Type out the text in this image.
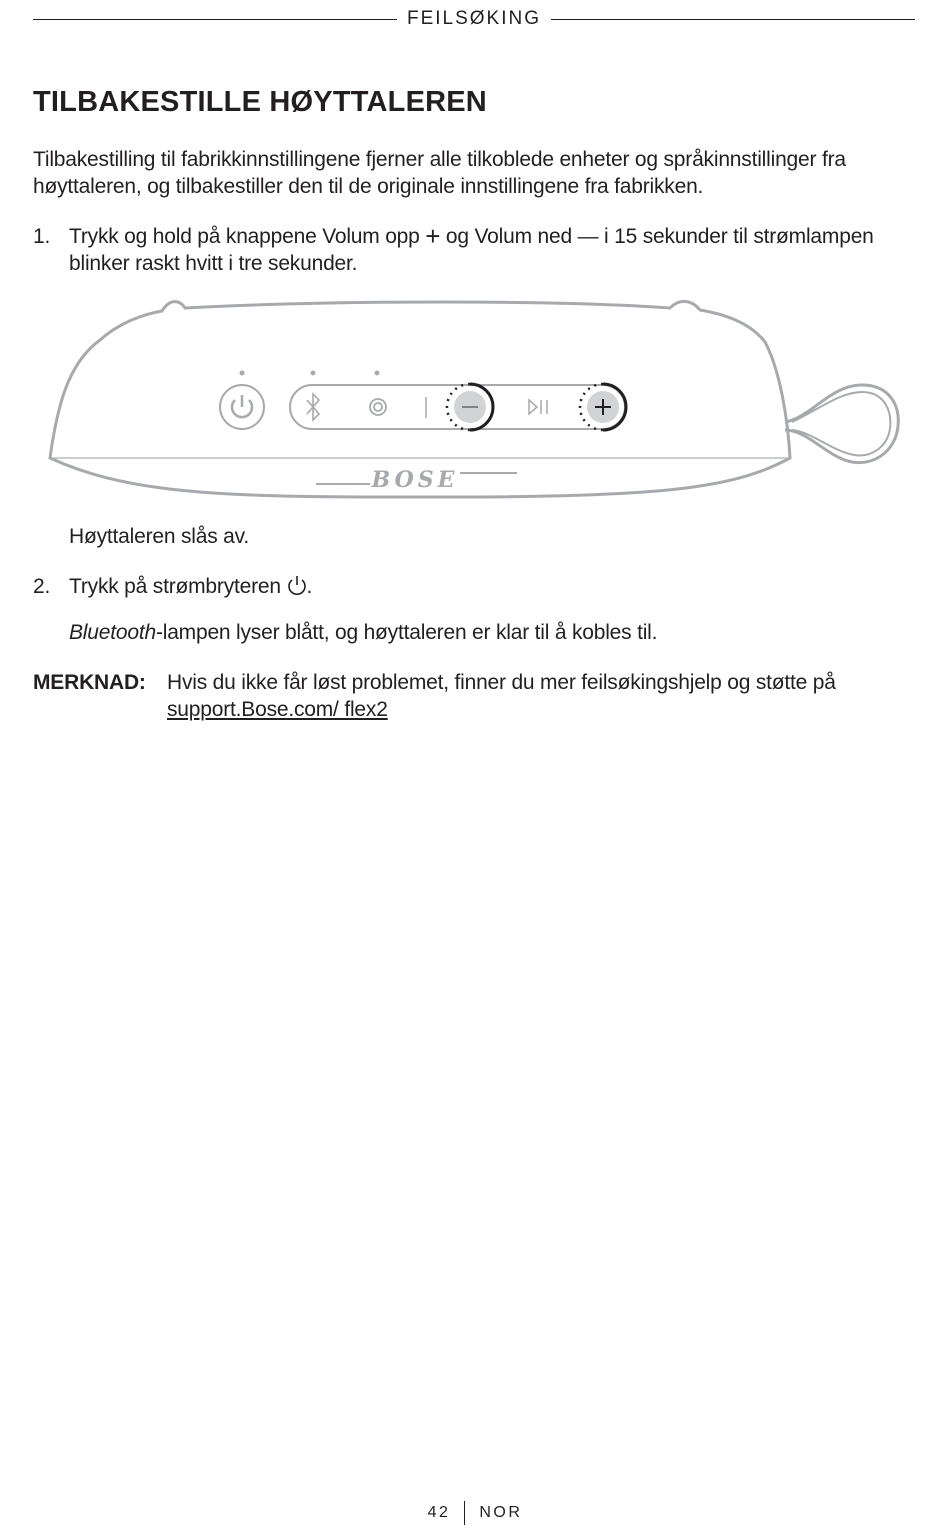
FEILSØKING
TILBAKESTILLE HØYTTALEREN

Tilbakestilling til fabrikkinnstillingene fjerner alle tilkoblede enheter og språkinnstillinger fra høyttaleren, og tilbakestiller den til de originale innstillingene fra fabrikken.

1. Trykk og hold på knappene Volum opp + og Volum ned — i 15 sekunder til strømlampen blinker raskt hvitt i tre sekunder.
BOSE
Høyttaleren slås av.
2. Trykk på strømbryteren .
Bluetooth-lampen lyser blått, og høyttaleren er klar til å kobles til.
MERKNAD: Hvis du ikke får løst problemet, finner du mer feilsøkingshjelp og støtte på support.Bose.com/ flex2
42 NOR
